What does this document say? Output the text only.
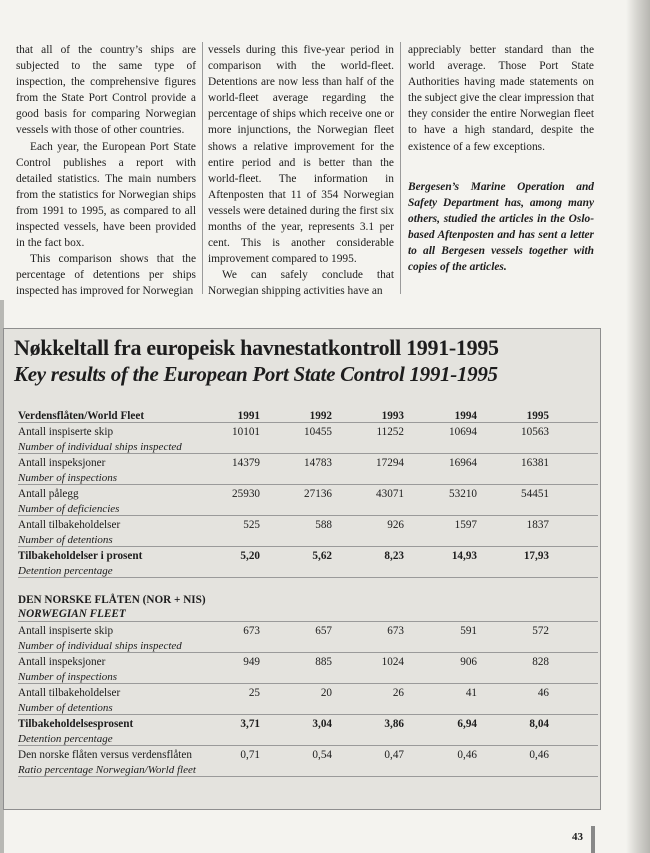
that all of the country’s ships are subjected to the same type of inspection, the comprehensive figures from the State Port Control provide a good basis for comparing Norwegian vessels with those of other countries.

Each year, the European Port State Control publishes a report with detailed statistics. The main numbers from the statistics for Norwegian ships from 1991 to 1995, as compared to all inspected vessels, have been provided in the fact box.

This comparison shows that the percentage of detentions per ships inspected has improved for Norwegian

vessels during this five-year period in comparison with the world-fleet. Detentions are now less than half of the world-fleet average regarding the percentage of ships which receive one or more injunctions, the Norwegian fleet shows a relative improvement for the entire period and is better than the world-fleet. The information in Aftenposten that 11 of 354 Norwegian vessels were detained during the first six months of the year, represents 3.1 per cent. This is another considerable improvement compared to 1995.

We can safely conclude that Norwegian shipping activities have an

appreciably better standard than the world average. Those Port State Authorities having made statements on the subject give the clear impression that they consider the entire Norwegian fleet to have a high standard, despite the existence of a few exceptions.

Bergesen’s Marine Operation and Safety Department has, among many others, studied the articles in the Oslo-based Aftenposten and has sent a letter to all Bergesen vessels together with copies of the articles.

Nøkkeltall fra europeisk havnestatkontroll 1991-1995
Key results of the European Port State Control 1991-1995
Verdensflåten/World Fleet	1991	1992	1993	1994	1995
Antall inspiserte skip
Number of individual ships inspected
10101	10455	11252	10694	10563
Antall inspeksjoner
Number of inspections
14379	14783	17294	16964	16381
Antall pålegg
Number of deficiencies
25930	27136	43071	53210	54451
Antall tilbakeholdelser
Number of detentions
525	588	926	1597	1837
Tilbakeholdelser i prosent
Detention percentage
5,20	5,62	8,23	14,93	17,93
DEN NORSKE FLÅTEN (NOR + NIS)
NORWEGIAN FLEET
Antall inspiserte skip
Number of individual ships inspected
673	657	673	591	572
Antall inspeksjoner
Number of inspections
949	885	1024	906	828
Antall tilbakeholdelser
Number of detentions
25	20	26	41	46
Tilbakeholdelsesprosent
Detention percentage
3,71	3,04	3,86	6,94	8,04
Den norske flåten versus verdensflåten
Ratio percentage Norwegian/World fleet
0,71	0,54	0,47	0,46	0,46
43
